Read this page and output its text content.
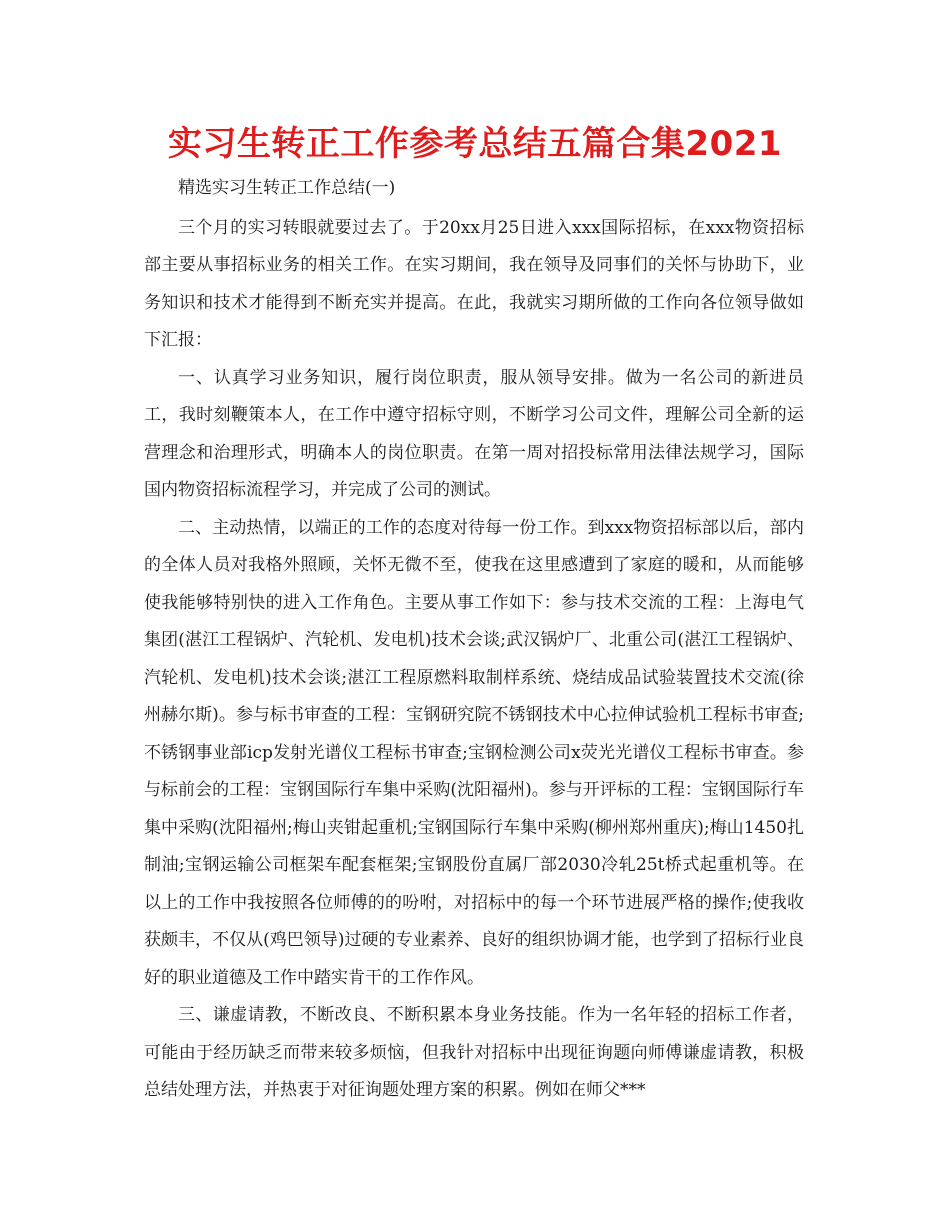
实习生转正工作参考总结五篇合集2021

精选实习生转正工作总结(一)

三个月的实习转眼就要过去了。于20xx月25日进入xxx国际招标，在xxx物资招标部主要从事招标业务的相关工作。在实习期间，我在领导及同事们的关怀与协助下，业务知识和技术才能得到不断充实并提高。在此，我就实习期所做的工作向各位领导做如下汇报：

一、认真学习业务知识，履行岗位职责，服从领导安排。做为一名公司的新进员工，我时刻鞭策本人，在工作中遵守招标守则，不断学习公司文件，理解公司全新的运营理念和治理形式，明确本人的岗位职责。在第一周对招投标常用法律法规学习，国际国内物资招标流程学习，并完成了公司的测试。

二、主动热情，以端正的工作的态度对待每一份工作。到xxx物资招标部以后，部内的全体人员对我格外照顾，关怀无微不至，使我在这里感遭到了家庭的暖和，从而能够使我能够特别快的进入工作角色。主要从事工作如下：参与技术交流的工程：上海电气集团(湛江工程锅炉、汽轮机、发电机)技术会谈;武汉锅炉厂、北重公司(湛江工程锅炉、汽轮机、发电机)技术会谈;湛江工程原燃料取制样系统、烧结成品试验装置技术交流(徐州赫尔斯)。参与标书审查的工程：宝钢研究院不锈钢技术中心拉伸试验机工程标书审查;不锈钢事业部icp发射光谱仪工程标书审查;宝钢检测公司x荧光光谱仪工程标书审查。参与标前会的工程：宝钢国际行车集中采购(沈阳福州)。参与开评标的工程：宝钢国际行车集中采购(沈阳福州;梅山夹钳起重机;宝钢国际行车集中采购(柳州郑州重庆);梅山1450扎制油;宝钢运输公司框架车配套框架;宝钢股份直属厂部2030冷轧25t桥式起重机等。在以上的工作中我按照各位师傅的的吩咐，对招标中的每一个环节进展严格的操作;使我收获颇丰，不仅从(鸡巴领导)过硬的专业素养、良好的组织协调才能，也学到了招标行业良好的职业道德及工作中踏实肯干的工作作风。

三、谦虚请教，不断改良、不断积累本身业务技能。作为一名年轻的招标工作者，可能由于经历缺乏而带来较多烦恼，但我针对招标中出现征询题向师傅谦虚请教，积极总结处理方法，并热衷于对征询题处理方案的积累。例如在师父***
